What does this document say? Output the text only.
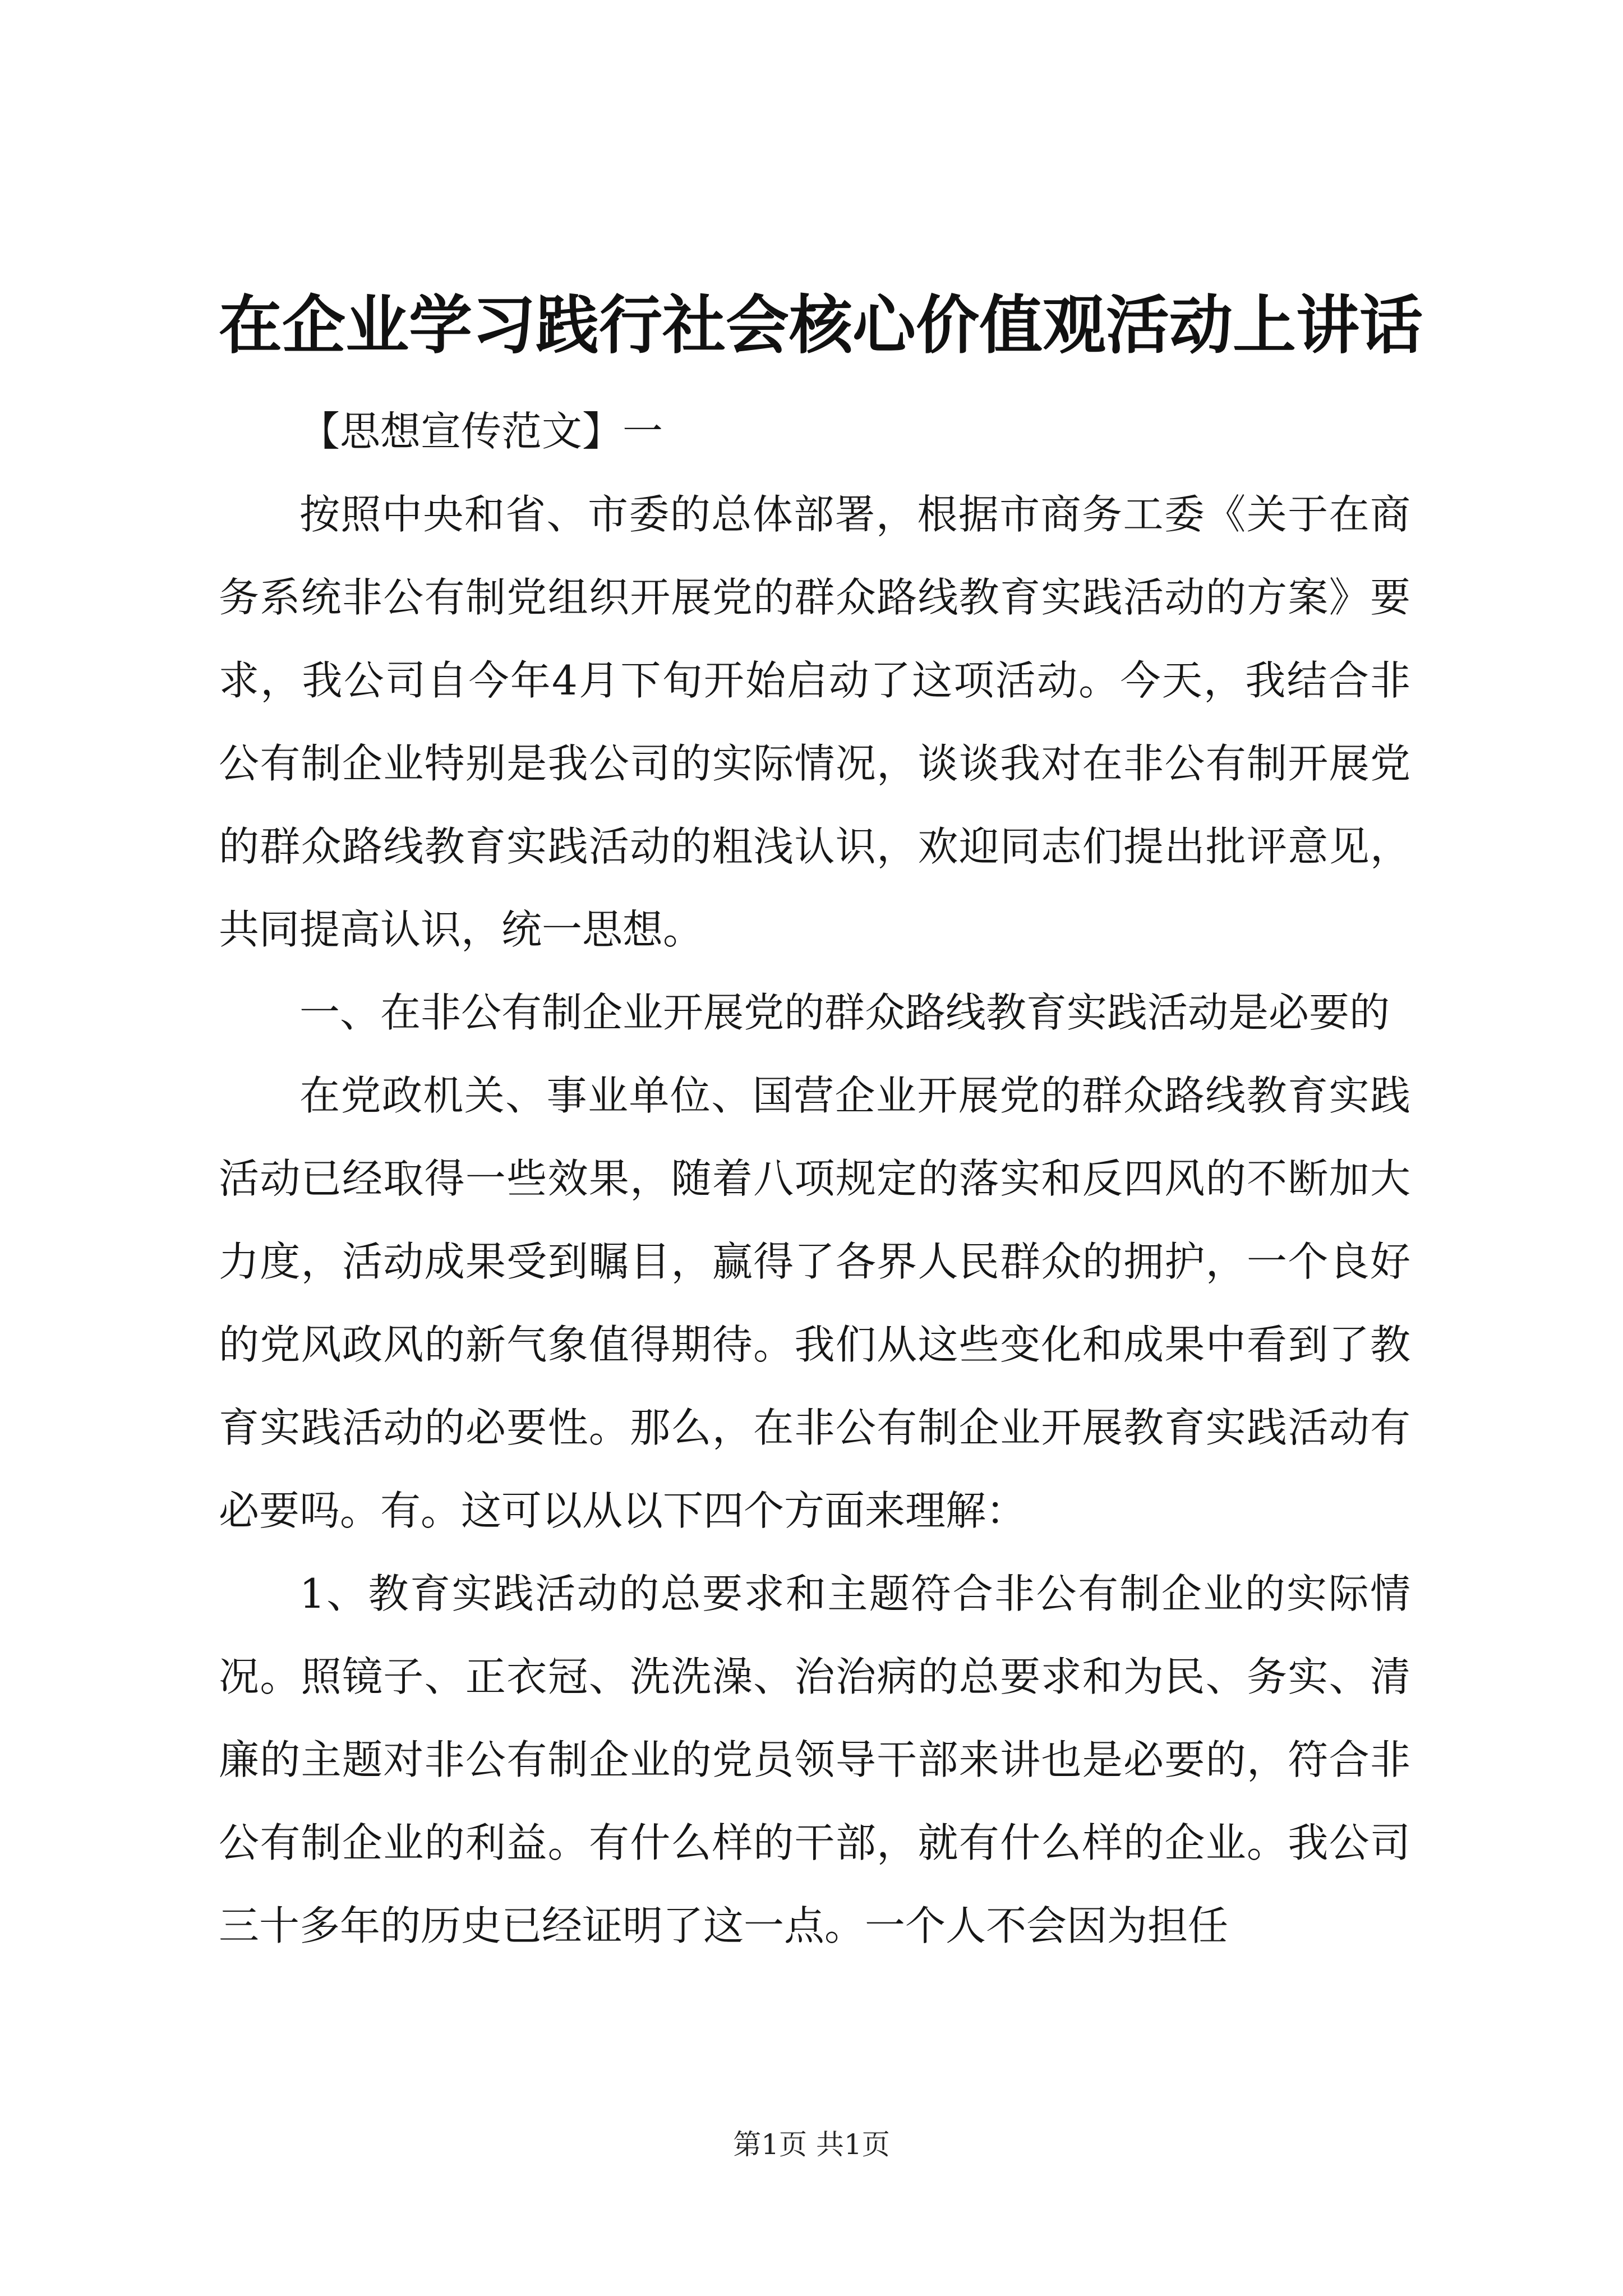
在企业学习践行社会核心价值观活动上讲话

【思想宣传范文】一

按照中央和省、市委的总体部署，根据市商务工委《关于在商务系统非公有制党组织开展党的群众路线教育实践活动的方案》要求，我公司自今年4月下旬开始启动了这项活动。今天，我结合非公有制企业特别是我公司的实际情况，谈谈我对在非公有制开展党的群众路线教育实践活动的粗浅认识，欢迎同志们提出批评意见，共同提高认识，统一思想。

一、在非公有制企业开展党的群众路线教育实践活动是必要的

在党政机关、事业单位、国营企业开展党的群众路线教育实践活动已经取得一些效果，随着八项规定的落实和反四风的不断加大力度，活动成果受到瞩目，赢得了各界人民群众的拥护，一个良好的党风政风的新气象值得期待。我们从这些变化和成果中看到了教育实践活动的必要性。那么，在非公有制企业开展教育实践活动有必要吗。有。这可以从以下四个方面来理解：

1、教育实践活动的总要求和主题符合非公有制企业的实际情况。照镜子、正衣冠、洗洗澡、治治病的总要求和为民、务实、清廉的主题对非公有制企业的党员领导干部来讲也是必要的，符合非公有制企业的利益。有什么样的干部，就有什么样的企业。我公司三十多年的历史已经证明了这一点。一个人不会因为担任

第1页 共1页
